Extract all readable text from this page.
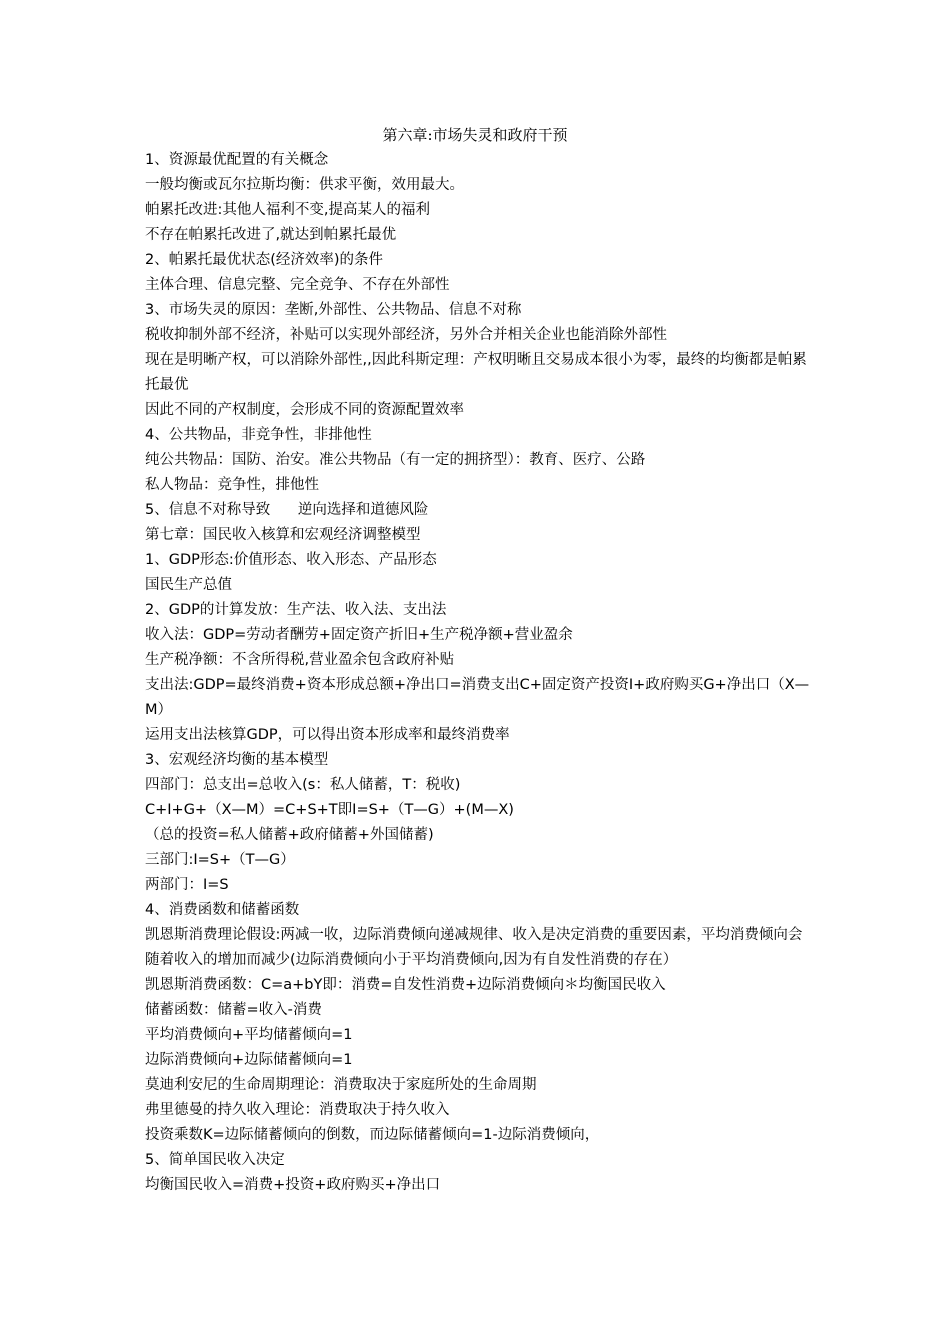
第六章:市场失灵和政府干预

1、资源最优配置的有关概念

一般均衡或瓦尔拉斯均衡：供求平衡，效用最大。

帕累托改进:其他人福利不变,提高某人的福利

不存在帕累托改进了,就达到帕累托最优

2、帕累托最优状态(经济效率)的条件

主体合理、信息完整、完全竞争、不存在外部性

3、市场失灵的原因：垄断,外部性、公共物品、信息不对称

税收抑制外部不经济，补贴可以实现外部经济，另外合并相关企业也能消除外部性

现在是明晰产权，可以消除外部性,,因此科斯定理：产权明晰且交易成本很小为零，最终的均衡都是帕累托最优

因此不同的产权制度，会形成不同的资源配置效率

4、公共物品，非竞争性，非排他性

纯公共物品：国防、治安。准公共物品（有一定的拥挤型）：教育、医疗、公路

私人物品：竞争性，排他性

5、信息不对称导致      逆向选择和道德风险

第七章：国民收入核算和宏观经济调整模型

1、GDP形态:价值形态、收入形态、产品形态

国民生产总值

2、GDP的计算发放：生产法、收入法、支出法

收入法：GDP=劳动者酬劳+固定资产折旧+生产税净额+营业盈余

生产税净额：不含所得税,营业盈余包含政府补贴

支出法:GDP=最终消费+资本形成总额+净出口=消费支出C+固定资产投资I+政府购买G+净出口（X—M）

运用支出法核算GDP，可以得出资本形成率和最终消费率

3、宏观经济均衡的基本模型

四部门：总支出=总收入(s：私人储蓄，T：税收)

C+I+G+（X—M）=C+S+T即I=S+（T—G）+(M—X)

（总的投资=私人储蓄+政府储蓄+外国储蓄)

三部门:I=S+（T—G）

两部门：I=S

4、消费函数和储蓄函数

凯恩斯消费理论假设:两减一收，边际消费倾向递减规律、收入是决定消费的重要因素，平均消费倾向会随着收入的增加而减少(边际消费倾向小于平均消费倾向,因为有自发性消费的存在）

凯恩斯消费函数：C=a+bY即：消费=自发性消费+边际消费倾向＊均衡国民收入

储蓄函数：储蓄=收入-消费

平均消费倾向+平均储蓄倾向=1

边际消费倾向+边际储蓄倾向=1

莫迪利安尼的生命周期理论：消费取决于家庭所处的生命周期

弗里德曼的持久收入理论：消费取决于持久收入

投资乘数K=边际储蓄倾向的倒数，而边际储蓄倾向=1-边际消费倾向，

5、简单国民收入决定

均衡国民收入=消费+投资+政府购买+净出口
